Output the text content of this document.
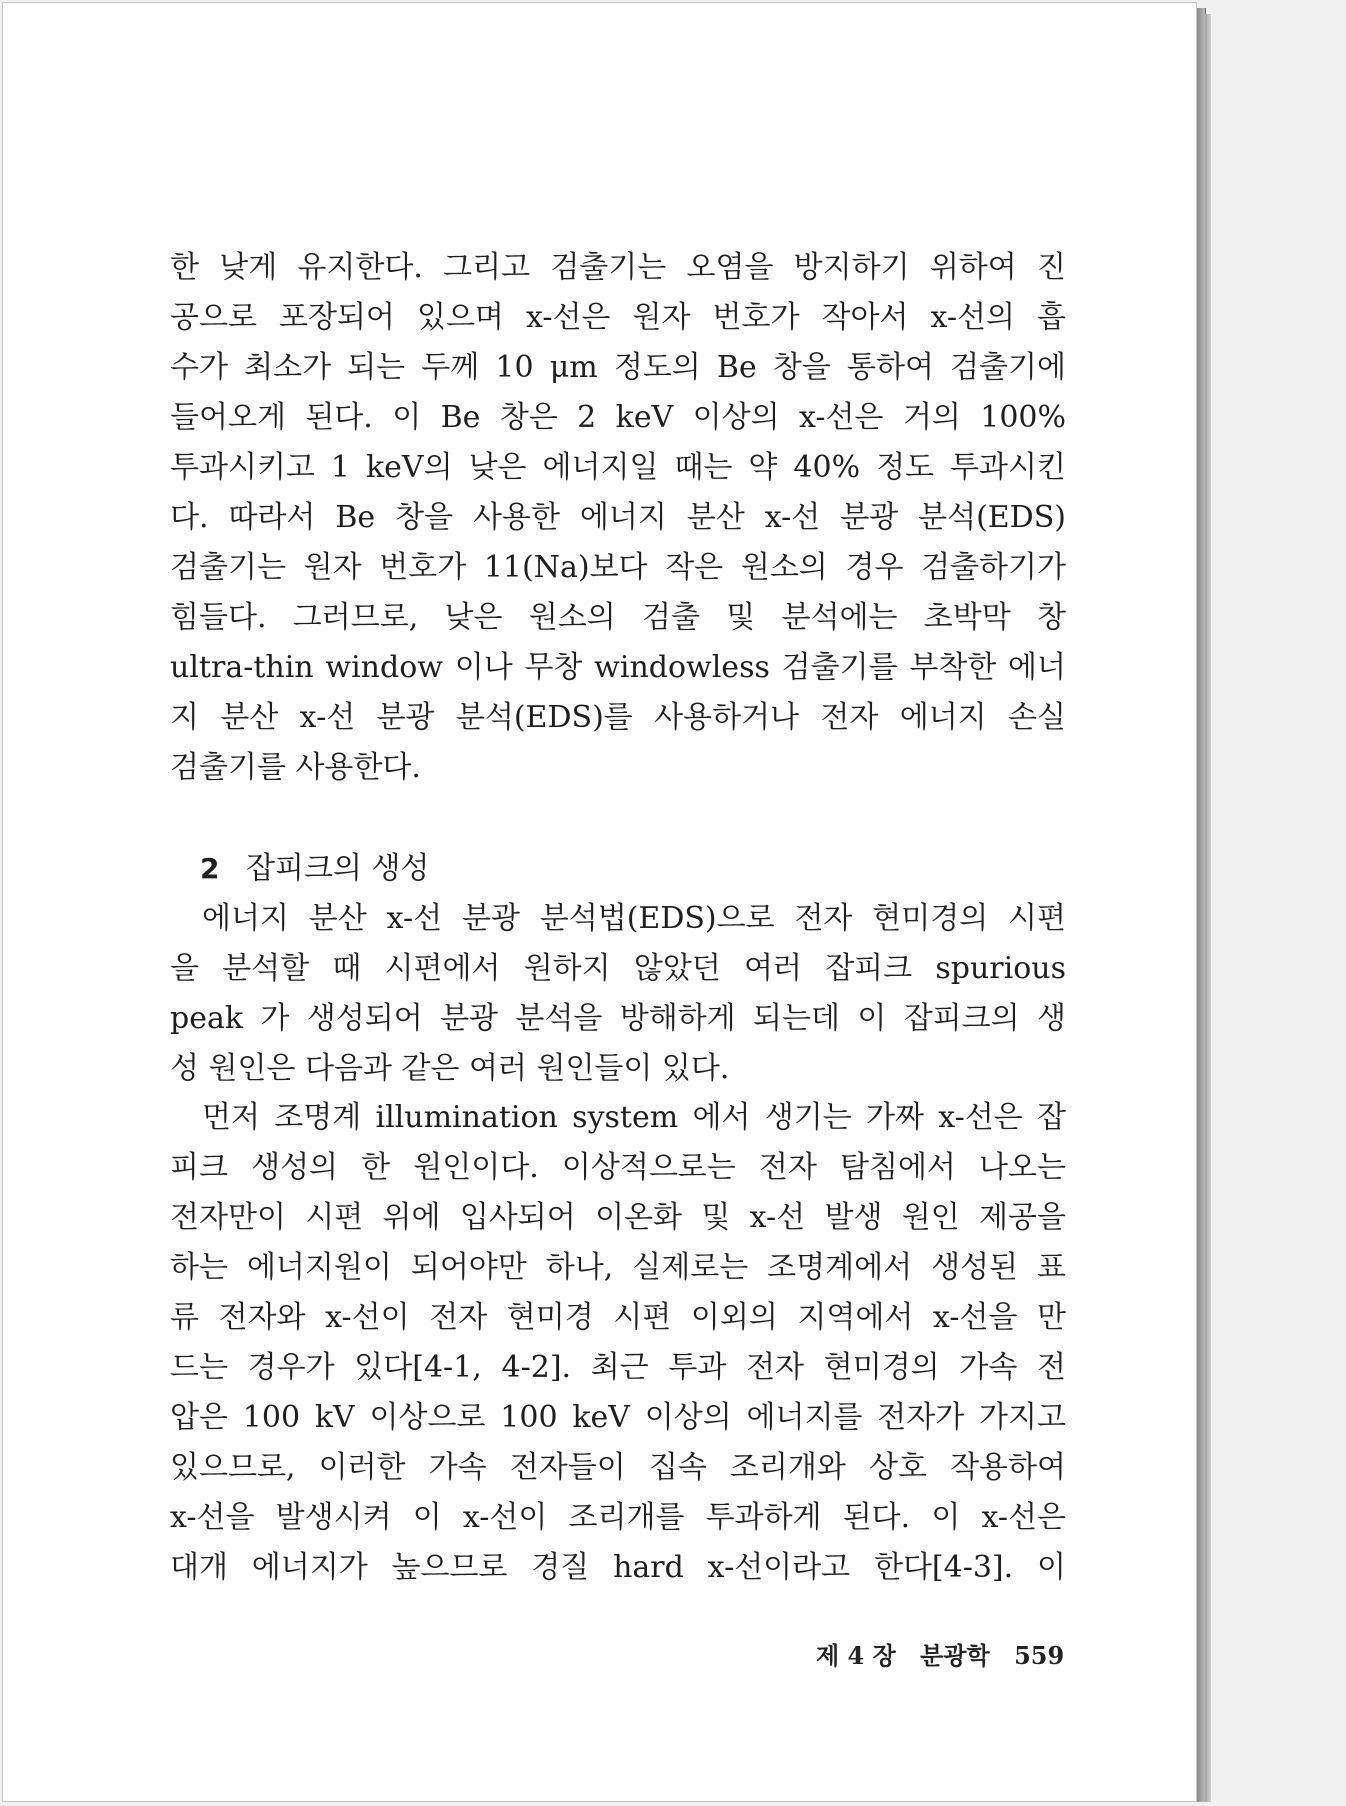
한 낮게 유지한다. 그리고 검출기는 오염을 방지하기 위하여 진
공으로 포장되어 있으며 x-선은 원자 번호가 작아서 x-선의 흡
수가 최소가 되는 두께 10 μm 정도의 Be 창을 통하여 검출기에
들어오게 된다. 이 Be 창은 2 keV 이상의 x-선은 거의 100%
투과시키고 1 keV의 낮은 에너지일 때는 약 40% 정도 투과시킨
다. 따라서 Be 창을 사용한 에너지 분산 x-선 분광 분석(EDS)
검출기는 원자 번호가 11(Na)보다 작은 원소의 경우 검출하기가
힘들다. 그러므로, 낮은 원소의 검출 및 분석에는 초박막 창
ultra-thin window 이나 무창 windowless 검출기를 부착한 에너
지 분산 x-선 분광 분석(EDS)를 사용하거나 전자 에너지 손실
검출기를 사용한다.
2 잡피크의 생성
에너지 분산 x-선 분광 분석법(EDS)으로 전자 현미경의 시편
을 분석할 때 시편에서 원하지 않았던 여러 잡피크 spurious
peak 가 생성되어 분광 분석을 방해하게 되는데 이 잡피크의 생
성 원인은 다음과 같은 여러 원인들이 있다.
먼저 조명계 illumination system 에서 생기는 가짜 x-선은 잡
피크 생성의 한 원인이다. 이상적으로는 전자 탐침에서 나오는
전자만이 시편 위에 입사되어 이온화 및 x-선 발생 원인 제공을
하는 에너지원이 되어야만 하나, 실제로는 조명계에서 생성된 표
류 전자와 x-선이 전자 현미경 시편 이외의 지역에서 x-선을 만
드는 경우가 있다[4-1, 4-2]. 최근 투과 전자 현미경의 가속 전
압은 100 kV 이상으로 100 keV 이상의 에너지를 전자가 가지고
있으므로, 이러한 가속 전자들이 집속 조리개와 상호 작용하여
x-선을 발생시켜 이 x-선이 조리개를 투과하게 된다. 이 x-선은
대개 에너지가 높으므로 경질 hard x-선이라고 한다[4-3]. 이
제 4 장 분광학 559
